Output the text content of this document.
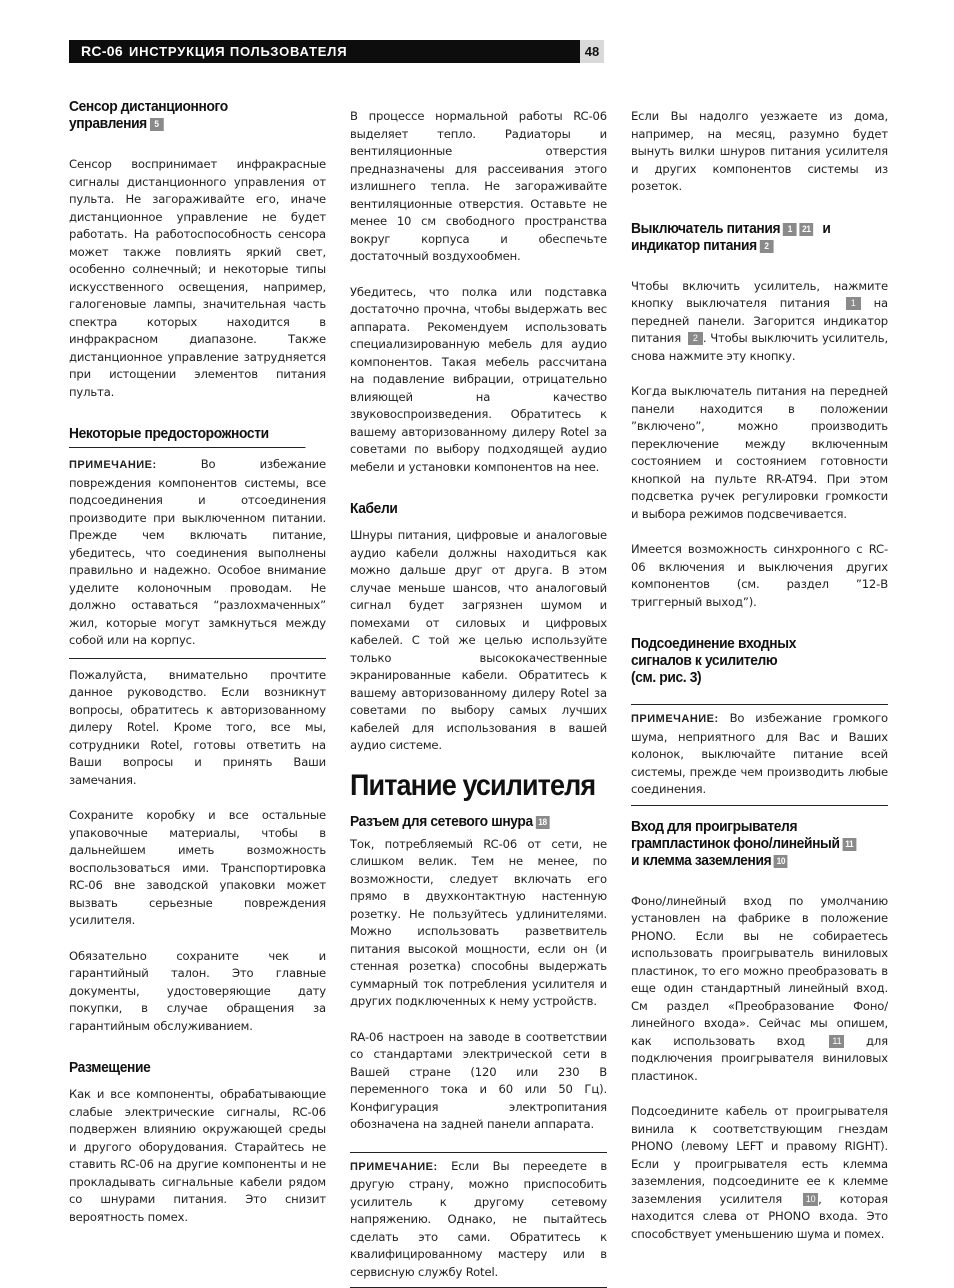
RC-06 ИНСТРУКЦИЯ ПОЛЬЗОВАТЕЛЯ	48
Сенсор дистанционного
управления 5
Сенсор воспринимает инфракрасные сигналы дистанционного управления от пульта. Не загораживайте его, иначе дистанционное управление не будет работать. На работоспособность сенсора может также повлиять яркий свет, особенно солнечный; и некоторые типы искусственного освещения, например, галогеновые лампы, значительная часть спектра которых находится в инфракрасном диапазоне. Также дистанционное управление затрудняется при истощении элементов питания пульта.
Некоторые предосторожности
ПРИМЕЧАНИЕ: Во избежание повреждения компонентов системы, все подсоединения и отсоединения производите при выключенном питании. Прежде чем включать питание, убедитесь, что соединения выполнены правильно и надежно. Особое внимание уделите колоночным проводам. Не должно оставаться “разлохмаченных” жил, которые могут замкнуться между собой или на корпус.
Пожалуйста, внимательно прочтите данное руководство. Если возникнут вопросы, обратитесь к авторизованному дилеру Rotel. Кроме того, все мы, сотрудники Rotel, готовы ответить на Ваши вопросы и принять Ваши замечания.
Сохраните коробку и все остальные упаковочные материалы, чтобы в дальнейшем иметь возможность воспользоваться ими. Транспортировка RC-06 вне заводской упаковки может вызвать серьезные повреждения усилителя.
Обязательно сохраните чек и гарантийный талон. Это главные документы, удостоверяющие дату покупки, в случае обращения за гарантийным обслуживанием.
Размещение
Как и все компоненты, обрабатывающие слабые электрические сигналы, RC-06 подвержен влиянию окружающей среды и другого оборудования. Старайтесь не ставить RC-06 на другие компоненты и не прокладывать сигнальные кабели рядом со шнурами питания. Это снизит вероятность помех.
В процессе нормальной работы RC-06 выделяет тепло. Радиаторы и вентиляционные отверстия предназначены для рассеивания этого излишнего тепла. Не загораживайте вентиляционные отверстия. Оставьте не менее 10 см свободного пространства вокруг корпуса и обеспечьте достаточный воздухообмен.
Убедитесь, что полка или подставка достаточно прочна, чтобы выдержать вес аппарата. Рекомендуем использовать специализированную мебель для аудио компонентов. Такая мебель рассчитана на подавление вибрации, отрицательно влияющей на качество звуковоспроизведения. Обратитесь к вашему авторизованному дилеру Rotel за советами по выбору подходящей аудио мебели и установки компонентов на нее.
Кабели
Шнуры питания, цифровые и аналоговые аудио кабели должны находиться как можно дальше друг от друга. В этом случае меньше шансов, что аналоговый сигнал будет загрязнен шумом и помехами от силовых и цифровых кабелей. С той же целью используйте только высококачественные экранированные кабели. Обратитесь к вашему авторизованному дилеру Rotel за советами по выбору самых лучших кабелей для использования в вашей аудио системе.
Питание усилителя
Разъем для сетевого шнура 18
Ток, потребляемый RC-06 от сети, не слишком велик. Тем не менее, по возможности, следует включать его прямо в двухконтактную настенную розетку. Не пользуйтесь удлинителями. Можно использовать разветвитель питания высокой мощности, если он (и стенная розетка) способны выдержать суммарный ток потребления усилителя и других подключенных к нему устройств.
RA-06 настроен на заводе в соответствии со стандартами электрической сети в Вашей стране (120 или 230 В переменного тока и 60 или 50 Гц). Конфигурация электропитания обозначена на задней панели аппарата.
ПРИМЕЧАНИЕ: Если Вы переедете в другую страну, можно приспособить усилитель к другому сетевому напряжению. Однако, не пытайтесь сделать это сами. Обратитесь к квалифицированному мастеру или в сервисную службу Rotel.
Если Вы надолго уезжаете из дома, например, на месяц, разумно будет вынуть вилки шнуров питания усилителя и других компонентов системы из розеток.
Выключатель питания 1 21 и
индикатор питания 2
Чтобы включить усилитель, нажмите кнопку выключателя питания 1 на передней панели. Загорится индикатор питания 2 . Чтобы выключить усилитель, снова нажмите эту кнопку.
Когда выключатель питания на передней панели находится в положении ”включено”, можно производить переключение между включенным состоянием и состоянием готовности кнопкой на пульте RR-AT94. При этом подсветка ручек регулировки громкости и выбора режимов подсвечивается.
Имеется возможность синхронного с RC-06 включения и выключения других компонентов (см. раздел ”12-В триггерный выход”).
Подсоединение входных
сигналов к усилителю
(см. рис. 3)
ПРИМЕЧАНИЕ: Во избежание громкого шума, неприятного для Вас и Ваших колонок, выключайте питание всей системы, прежде чем производить любые соединения.
Вход для проигрывателя
грампластинок фоно/линейный 11
и клемма заземления 10
Фоно/линейный вход по умолчанию установлен на фабрике в положение PHONO. Если вы не собираетесь использовать проигрыватель виниловых пластинок, то его можно преобразовать в еще один стандартный линейный вход. См раздел «Преобразование Фоно/линейного входа». Сейчас мы опишем, как использовать вход	11 для подключения проигрывателя виниловых пластинок.
Подсоедините кабель от проигрывателя винила к соответствующим гнездам PHONO (левому LEFT и правому RIGHT). Если у проигрывателя есть клемма заземления, подсоедините ее к клемме заземления усилителя	10 , которая находится слева от PHONO входа. Это способствует уменьшению шума и помех.
